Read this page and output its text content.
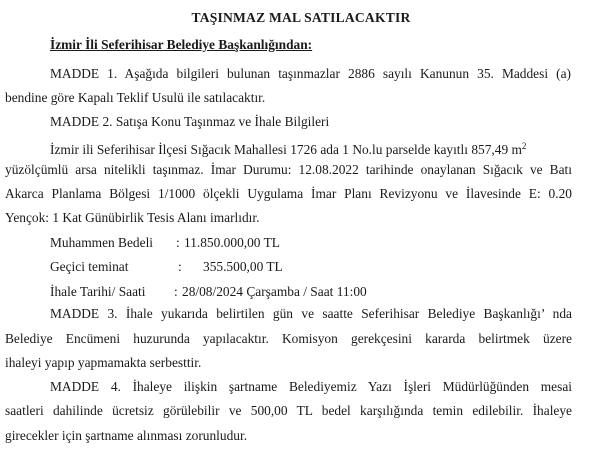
TAŞINMAZ MAL SATILACAKTIR
İzmir İli Seferihisar Belediye Başkanlığından:
MADDE 1. Aşağıda bilgileri bulunan taşınmazlar 2886 sayılı Kanunun 35. Maddesi (a)
bendine göre Kapalı Teklif Usulü ile satılacaktır.
MADDE 2. Satışa Konu Taşınmaz ve İhale Bilgileri
İzmir ili Seferihisar İlçesi Sığacık Mahallesi 1726 ada 1 No.lu parselde kayıtlı 857,49 $m^2$
yüzölçümlü arsa nitelikli taşınmaz. İmar Durumu: 12.08.2022 tarihinde onaylanan Sığacık ve Batı
Akarca Planlama Bölgesi 1/1000 ölçekli Uygulama İmar Planı Revizyonu ve İlavesinde E: 0.20
Yençok: 1 Kat Günübirlik Tesis Alanı imarlıdır.
Muhammen Bedeli : 11.850.000,00 TL
Geçici teminat	: 355.500,00 TL
İhale Tarihi/ Saati : 28/08/2024 Çarşamba / Saat 11:00
MADDE 3. İhale yukarıda belirtilen gün ve saatte Seferihisar Belediye Başkanlığı’ nda
Belediye Encümeni huzurunda yapılacaktır. Komisyon gerekçesini kararda belirtmek üzere
ihaleyi yapıp yapmamakta serbesttir.
MADDE 4. İhaleye ilişkin şartname Belediyemiz Yazı İşleri Müdürlüğünden mesai
saatleri dahilinde ücretsiz görülebilir ve 500,00 TL bedel karşılığında temin edilebilir. İhaleye
girecekler için şartname alınması zorunludur.
